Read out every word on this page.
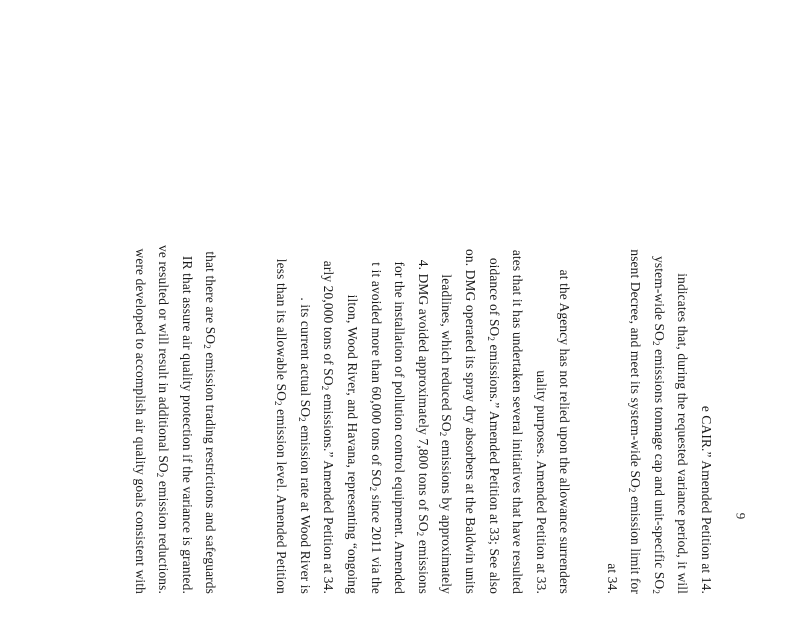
e CAIR.” Amended Petition at 14.
indicates that, during the requested variance period, it will
ystem-wide $SO_2$ emissions tonnage cap and unit-specific $SO_2$
nsent Decree, and meet its system-wide $SO_2$ emission limit for
at 34.
at the Agency has not relied upon the allowance surrenders
uality purposes. Amended Petition at 33.
ates that it has undertaken several initiatives that have resulted
oidance of $SO_2$ emissions.” Amended Petition at 33; See also
on. DMG operated its spray dry absorbers at the Baldwin units
leadlines, which reduced $SO_2$ emissions by approximately
4. DMG avoided approximately 7,800 tons of $SO_2$ emissions
for the installation of pollution control equipment. Amended
t it avoided more than 60,000 tons of $SO_2$ since 2011 via the
ilton, Wood River, and Havana, representing “ongoing
arly 20,000 tons of $SO_2$ emissions.” Amended Petition at 34.
. its current actual $SO_2$ emission rate at Wood River is
less than its allowable $SO_2$ emission level. Amended Petition
that there are $SO_2$ emission trading restrictions and safeguards
IR that assure air quality protection if the variance is granted.
ve resulted or will result in additional $SO_2$ emission reductions.
were developed to accomplish air quality goals consistent with	9
